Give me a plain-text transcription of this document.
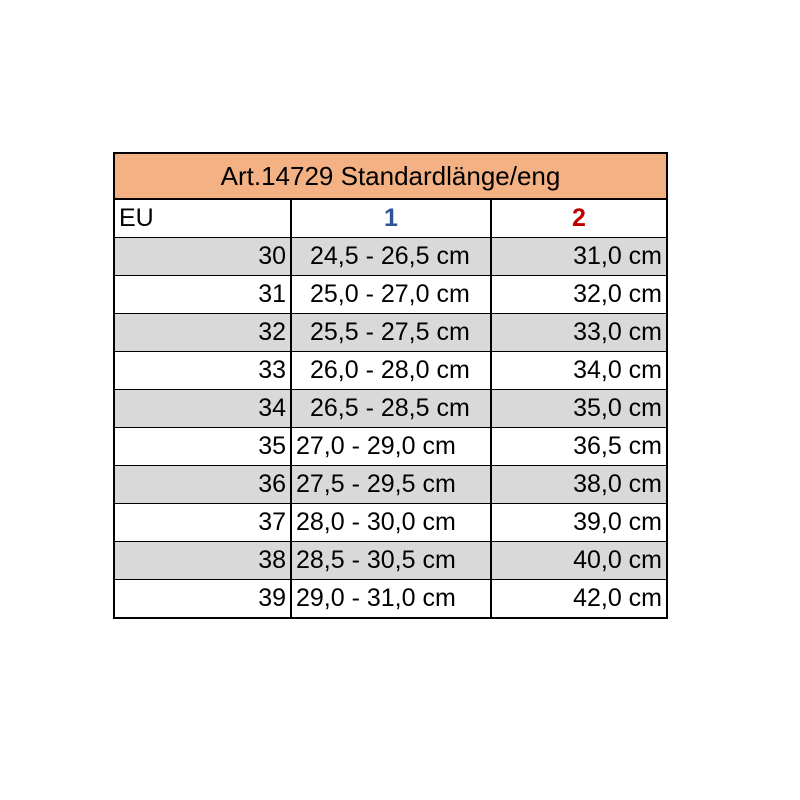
Art.14729 Standardlänge/eng
EU	1	2
30	24,5 - 26,5 cm	31,0 cm
31	25,0 - 27,0 cm	32,0 cm
32	25,5 - 27,5 cm	33,0 cm
33	26,0 - 28,0 cm	34,0 cm
34	26,5 - 28,5 cm	35,0 cm
35	27,0 - 29,0 cm	36,5 cm
36	27,5 - 29,5 cm	38,0 cm
37	28,0 - 30,0 cm	39,0 cm
38	28,5 - 30,5 cm	40,0 cm
39	29,0 - 31,0 cm	42,0 cm
